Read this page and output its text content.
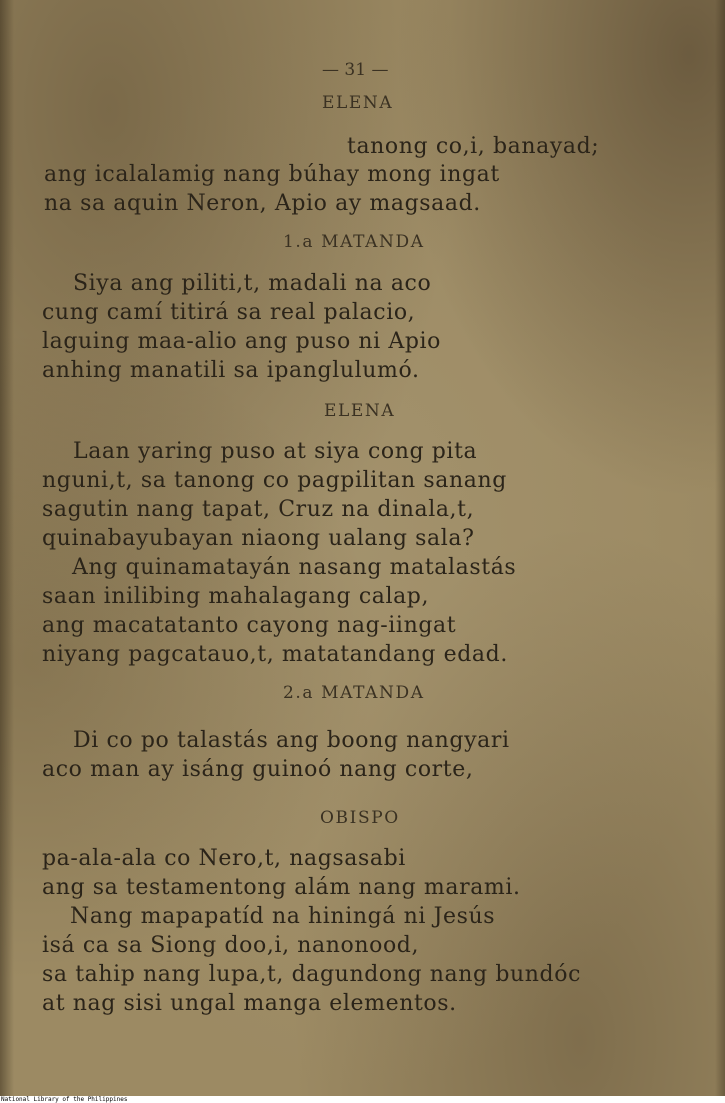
— 31 —
ELENA
tanong co,i, banayad;
ang icalalamig nang búhay mong ingat
na sa aquin Neron, Apio ay magsaad.
1.a MATANDA
Siya ang piliti,t, madali na aco
cung camí titirá sa real palacio,
laguing maa-alio ang puso ni Apio
anhing manatili sa ipanglulumó.
ELENA
Laan yaring puso at siya cong pita
nguni,t, sa tanong co pagpilitan sanang
sagutin nang tapat, Cruz na dinala,t,
quinabayubayan niaong ualang sala?
Ang quinamatayán nasang matalastás
saan inilibing mahalagang calap,
ang macatatanto cayong nag-iingat
niyang pagcatauo,t, matatandang edad.
2.a MATANDA
Di co po talastás ang boong nangyari
aco man ay isáng guinoó nang corte,
OBISPO
pa-ala-ala co Nero,t, nagsasabi
ang sa testamentong alám nang marami.
Nang mapapatíd na hiningá ni Jesús
isá ca sa Siong doo,i, nanonood,
sa tahip nang lupa,t, dagundong nang bundóc
at nag sisi ungal manga elementos.
National Library of the Philippines
